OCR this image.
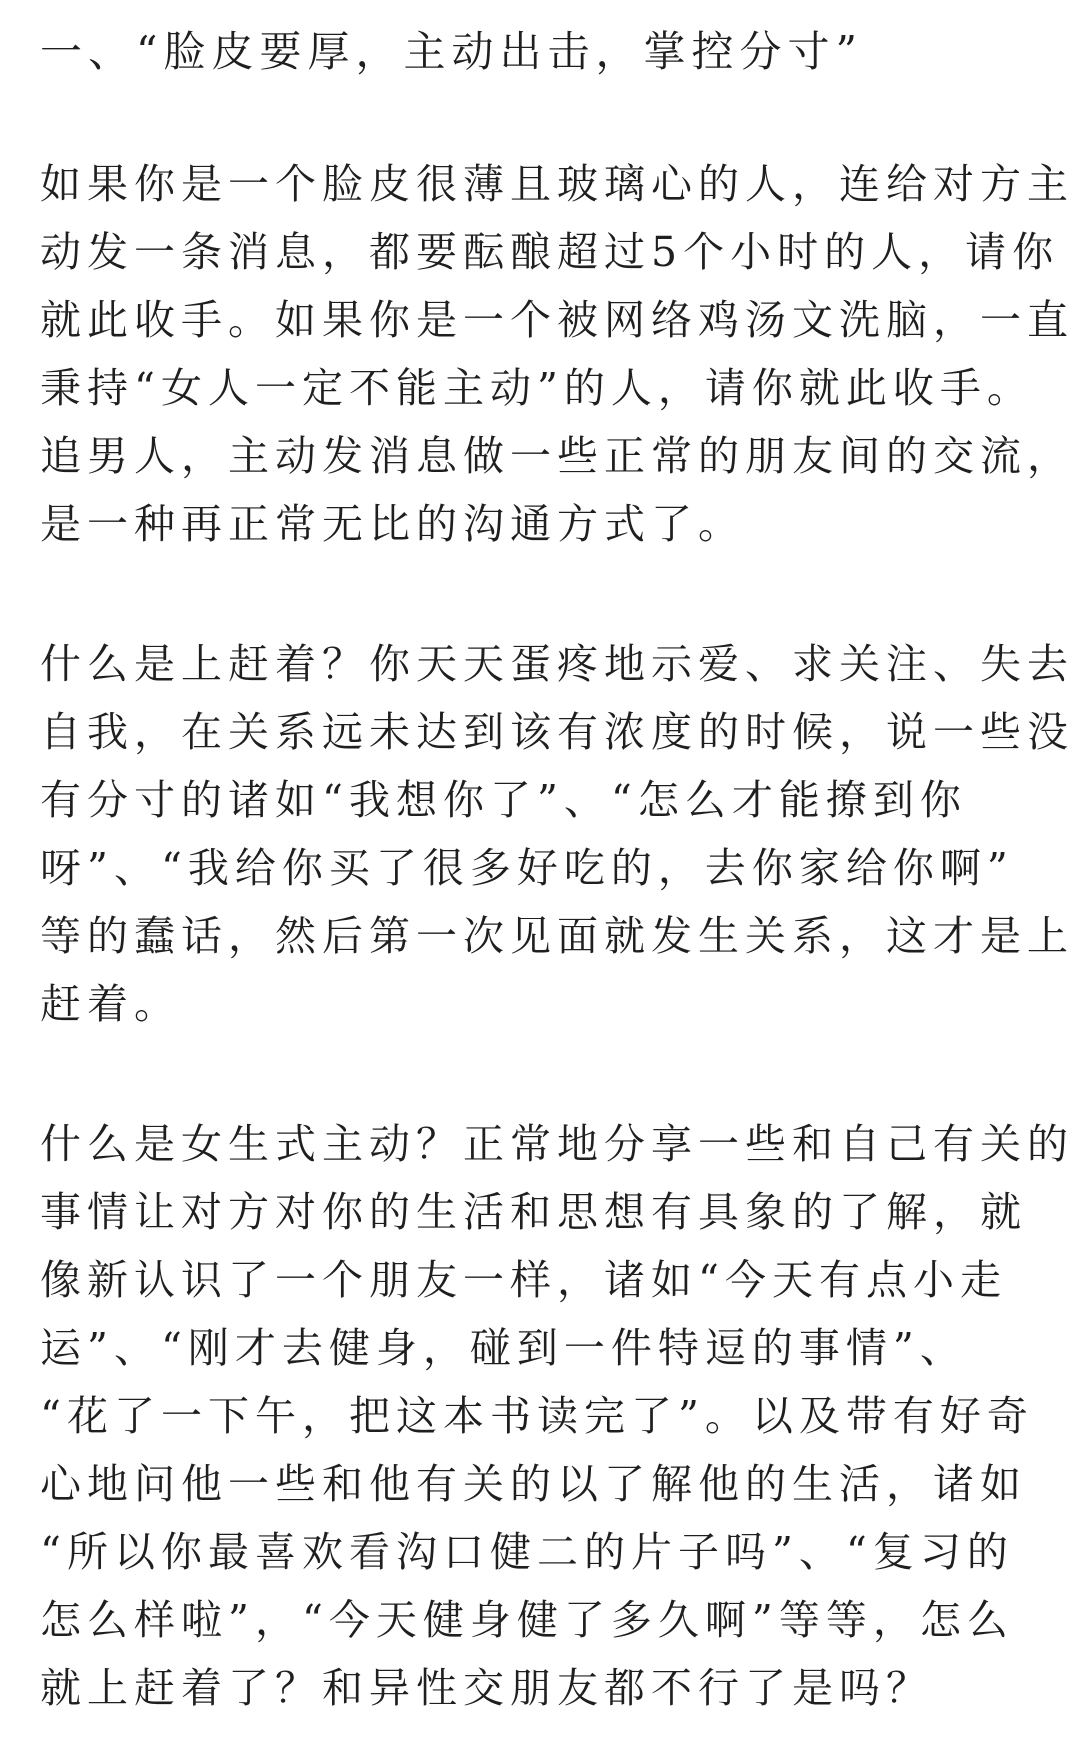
一、“脸皮要厚，主动出击，掌控分寸”
如果你是一个脸皮很薄且玻璃心的人，连给对方主
动发一条消息，都要酝酿超过5个小时的人，请你
就此收手。如果你是一个被网络鸡汤文洗脑，一直
秉持“女人一定不能主动”的人，请你就此收手。
追男人，主动发消息做一些正常的朋友间的交流，
是一种再正常无比的沟通方式了。
什么是上赶着？你天天蛋疼地示爱、求关注、失去
自我，在关系远未达到该有浓度的时候，说一些没
有分寸的诸如“我想你了”、“怎么才能撩到你
呀”、“我给你买了很多好吃的，去你家给你啊”
等的蠢话，然后第一次见面就发生关系，这才是上
赶着。
什么是女生式主动？正常地分享一些和自己有关的
事情让对方对你的生活和思想有具象的了解，就
像新认识了一个朋友一样，诸如“今天有点小走
运”、“刚才去健身，碰到一件特逗的事情”、
“花了一下午，把这本书读完了”。以及带有好奇
心地问他一些和他有关的以了解他的生活，诸如
“所以你最喜欢看沟口健二的片子吗”、“复习的
怎么样啦”，“今天健身健了多久啊”等等，怎么
就上赶着了？和异性交朋友都不行了是吗？
